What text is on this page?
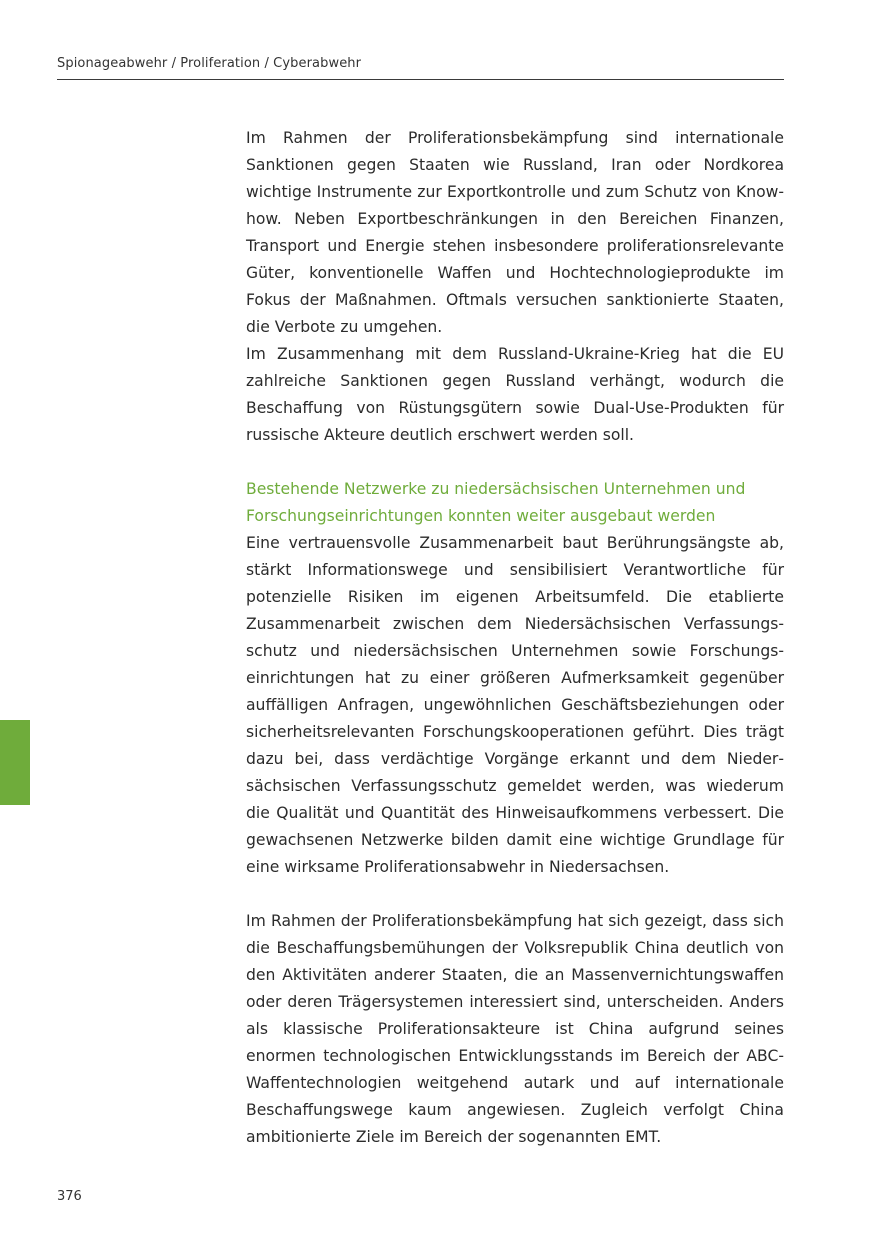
Spionageabwehr / Proliferation / Cyberabwehr

Im Rahmen der Proliferationsbekämpfung sind internationale Sanktionen gegen Staaten wie Russland, Iran oder Nordkorea wichtige Instrumente zur Exportkontrolle und zum Schutz von Know-how. Neben Exportbeschränkungen in den Bereichen Finanzen, Transport und Energie stehen insbesondere proliferationsrelevante Güter, konventionelle Waffen und Hochtechnologieprodukte im Fokus der Maßnahmen. Oftmals versuchen sanktionierte Staaten, die Verbote zu umgehen.

Im Zusammenhang mit dem Russland-Ukraine-Krieg hat die EU zahlreiche Sanktionen gegen Russland verhängt, wodurch die Beschaffung von Rüstungsgütern sowie Dual-Use-Produkten für russische Akteure deutlich erschwert werden soll.

Bestehende Netzwerke zu niedersächsischen Unternehmen und Forschungseinrichtungen konnten weiter ausgebaut werden

Eine vertrauensvolle Zusammenarbeit baut Berührungsängste ab, stärkt Informationswege und sensibilisiert Verantwortliche für potenzielle Risiken im eigenen Arbeitsumfeld. Die etablierte Zusammenarbeit zwischen dem Niedersächsischen Verfassungsschutz und niedersächsischen Unternehmen sowie Forschungseinrichtungen hat zu einer größeren Aufmerksamkeit gegenüber auffälligen Anfragen, ungewöhnlichen Geschäftsbeziehungen oder sicherheitsrelevanten Forschungskooperationen geführt. Dies trägt dazu bei, dass verdächtige Vorgänge erkannt und dem Niedersächsischen Verfassungsschutz gemeldet werden, was wiederum die Qualität und Quantität des Hinweisaufkommens verbessert. Die gewachsenen Netzwerke bilden damit eine wichtige Grundlage für eine wirksame Proliferationsabwehr in Niedersachsen.

Im Rahmen der Proliferationsbekämpfung hat sich gezeigt, dass sich die Beschaffungsbemühungen der Volksrepublik China deutlich von den Aktivitäten anderer Staaten, die an Massenvernichtungswaffen oder deren Trägersystemen interessiert sind, unterscheiden. Anders als klassische Proliferationsakteure ist China aufgrund seines enormen technologischen Entwicklungsstands im Bereich der ABC-Waffentechnologien weitgehend autark und auf internationale Beschaffungswege kaum angewiesen. Zugleich verfolgt China ambitionierte Ziele im Bereich der sogenannten EMT.

376
